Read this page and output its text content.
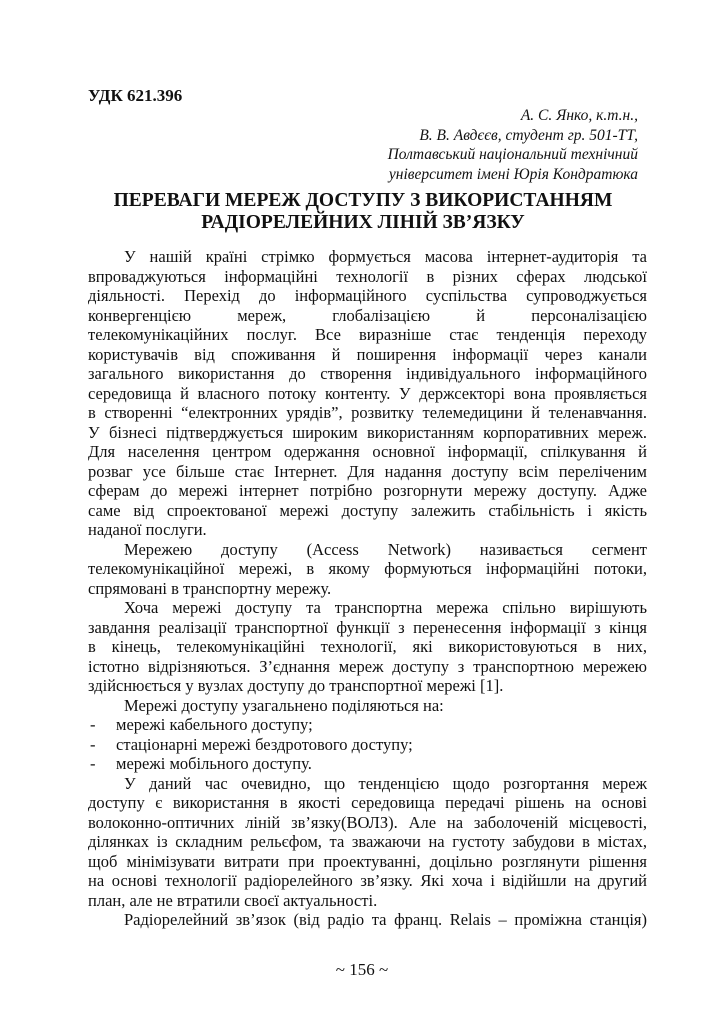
УДК 621.396
А. С. Янко, к.т.н.,
В. В. Авдєєв, студент гр. 501-ТТ,
Полтавський національний технічний
університет імені Юрія Кондратюка
ПЕРЕВАГИ МЕРЕЖ ДОСТУПУ З ВИКОРИСТАННЯМ
РАДІОРЕЛЕЙНИХ ЛІНІЙ ЗВ’ЯЗКУ
У нашій країні стрімко формується масова інтернет-аудиторія та
впроваджуються інформаційні технології в різних сферах людської
діяльності. Перехід до інформаційного суспільства супроводжується
конвергенцією мереж, глобалізацією й персоналізацією
телекомунікаційних послуг. Все виразніше стає тенденція переходу
користувачів від споживання й поширення інформації через канали
загального використання до створення індивідуального інформаційного
середовища й власного потоку контенту. У держсекторі вона проявляється
в створенні “електронних урядів”, розвитку телемедицини й теленавчання.
У бізнесі підтверджується широким використанням корпоративних мереж.
Для населення центром одержання основної інформації, спілкування й
розваг усе більше стає Інтернет. Для надання доступу всім переліченим
сферам до мережі інтернет потрібно розгорнути мережу доступу. Адже
саме від спроектованої мережі доступу залежить стабільність і якість
наданої послуги.
Мережею доступу (Access Network) називається сегмент
телекомунікаційної мережі, в якому формуються інформаційні потоки,
спрямовані в транспортну мережу.
Хоча мережі доступу та транспортна мережа спільно вирішують
завдання реалізації транспортної функції з перенесення інформації з кінця
в кінець, телекомунікаційні технології, які використовуються в них,
істотно відрізняються. З’єднання мереж доступу з транспортною мережею
здійснюється у вузлах доступу до транспортної мережі [1].
Мережі доступу узагальнено поділяються на:
- мережі кабельного доступу;
- стаціонарні мережі бездротового доступу;
- мережі мобільного доступу.
У даний час очевидно, що тенденцією щодо розгортання мереж
доступу є використання в якості середовища передачі рішень на основі
волоконно-оптичних ліній зв’язку(ВОЛЗ). Але на заболоченій місцевості,
ділянках із складним рельєфом, та зважаючи на густоту забудови в містах,
щоб мінімізувати витрати при проектуванні, доцільно розглянути рішення
на основі технології радіорелейного зв’язку. Які хоча і відійшли на другий
план, але не втратили своєї актуальності.
Радіорелейний зв’язок (від радіо та франц. Relais – проміжна станція)
~ 156 ~
